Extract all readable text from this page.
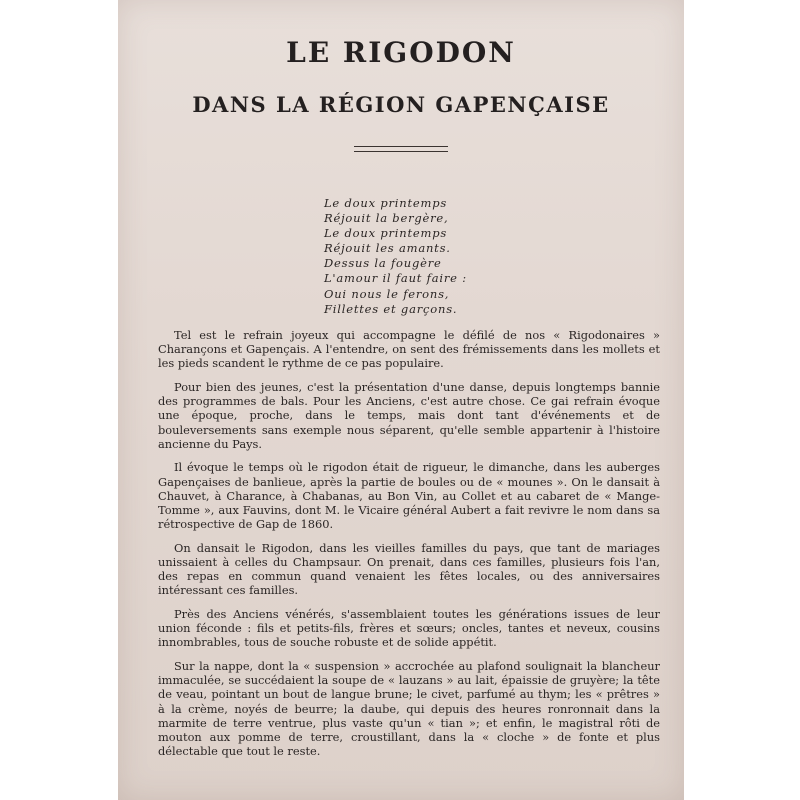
LE RIGODON
DANS LA RÉGION GAPENÇAISE
Le doux printemps
Réjouit la bergère,
Le doux printemps
Réjouit les amants.
Dessus la fougère
L'amour il faut faire :
Oui nous le ferons,
Fillettes et garçons.

Tel est le refrain joyeux qui accompagne le défilé de nos « Rigodonaires » Charançons et Gapençais. A l'entendre, on sent des frémissements dans les mollets et les pieds scandent le rythme de ce pas populaire.

Pour bien des jeunes, c'est la présentation d'une danse, depuis longtemps bannie des programmes de bals. Pour les Anciens, c'est autre chose. Ce gai refrain évoque une époque, proche, dans le temps, mais dont tant d'événements et de bouleversements sans exemple nous séparent, qu'elle semble appartenir à l'histoire ancienne du Pays.

Il évoque le temps où le rigodon était de rigueur, le dimanche, dans les auberges Gapençaises de banlieue, après la partie de boules ou de « mounes ». On le dansait à Chauvet, à Charance, à Chabanas, au Bon Vin, au Collet et au cabaret de « Mange-Tomme », aux Fauvins, dont M. le Vicaire général Aubert a fait revivre le nom dans sa rétrospective de Gap de 1860.

On dansait le Rigodon, dans les vieilles familles du pays, que tant de mariages unissaient à celles du Champsaur. On prenait, dans ces familles, plusieurs fois l'an, des repas en commun quand venaient les fêtes locales, ou des anniversaires intéressant ces familles.

Près des Anciens vénérés, s'assemblaient toutes les générations issues de leur union féconde : fils et petits-fils, frères et sœurs; oncles, tantes et neveux, cousins innombrables, tous de souche robuste et de solide appétit.

Sur la nappe, dont la « suspension » accrochée au plafond soulignait la blancheur immaculée, se succédaient la soupe de « lauzans » au lait, épaissie de gruyère; la tête de veau, pointant un bout de langue brune; le civet, parfumé au thym; les « prêtres » à la crème, noyés de beurre; la daube, qui depuis des heures ronronnait dans la marmite de terre ventrue, plus vaste qu'un « tian »; et enfin, le magistral rôti de mouton aux pomme de terre, croustillant, dans la « cloche » de fonte et plus délectable que tout le reste.
